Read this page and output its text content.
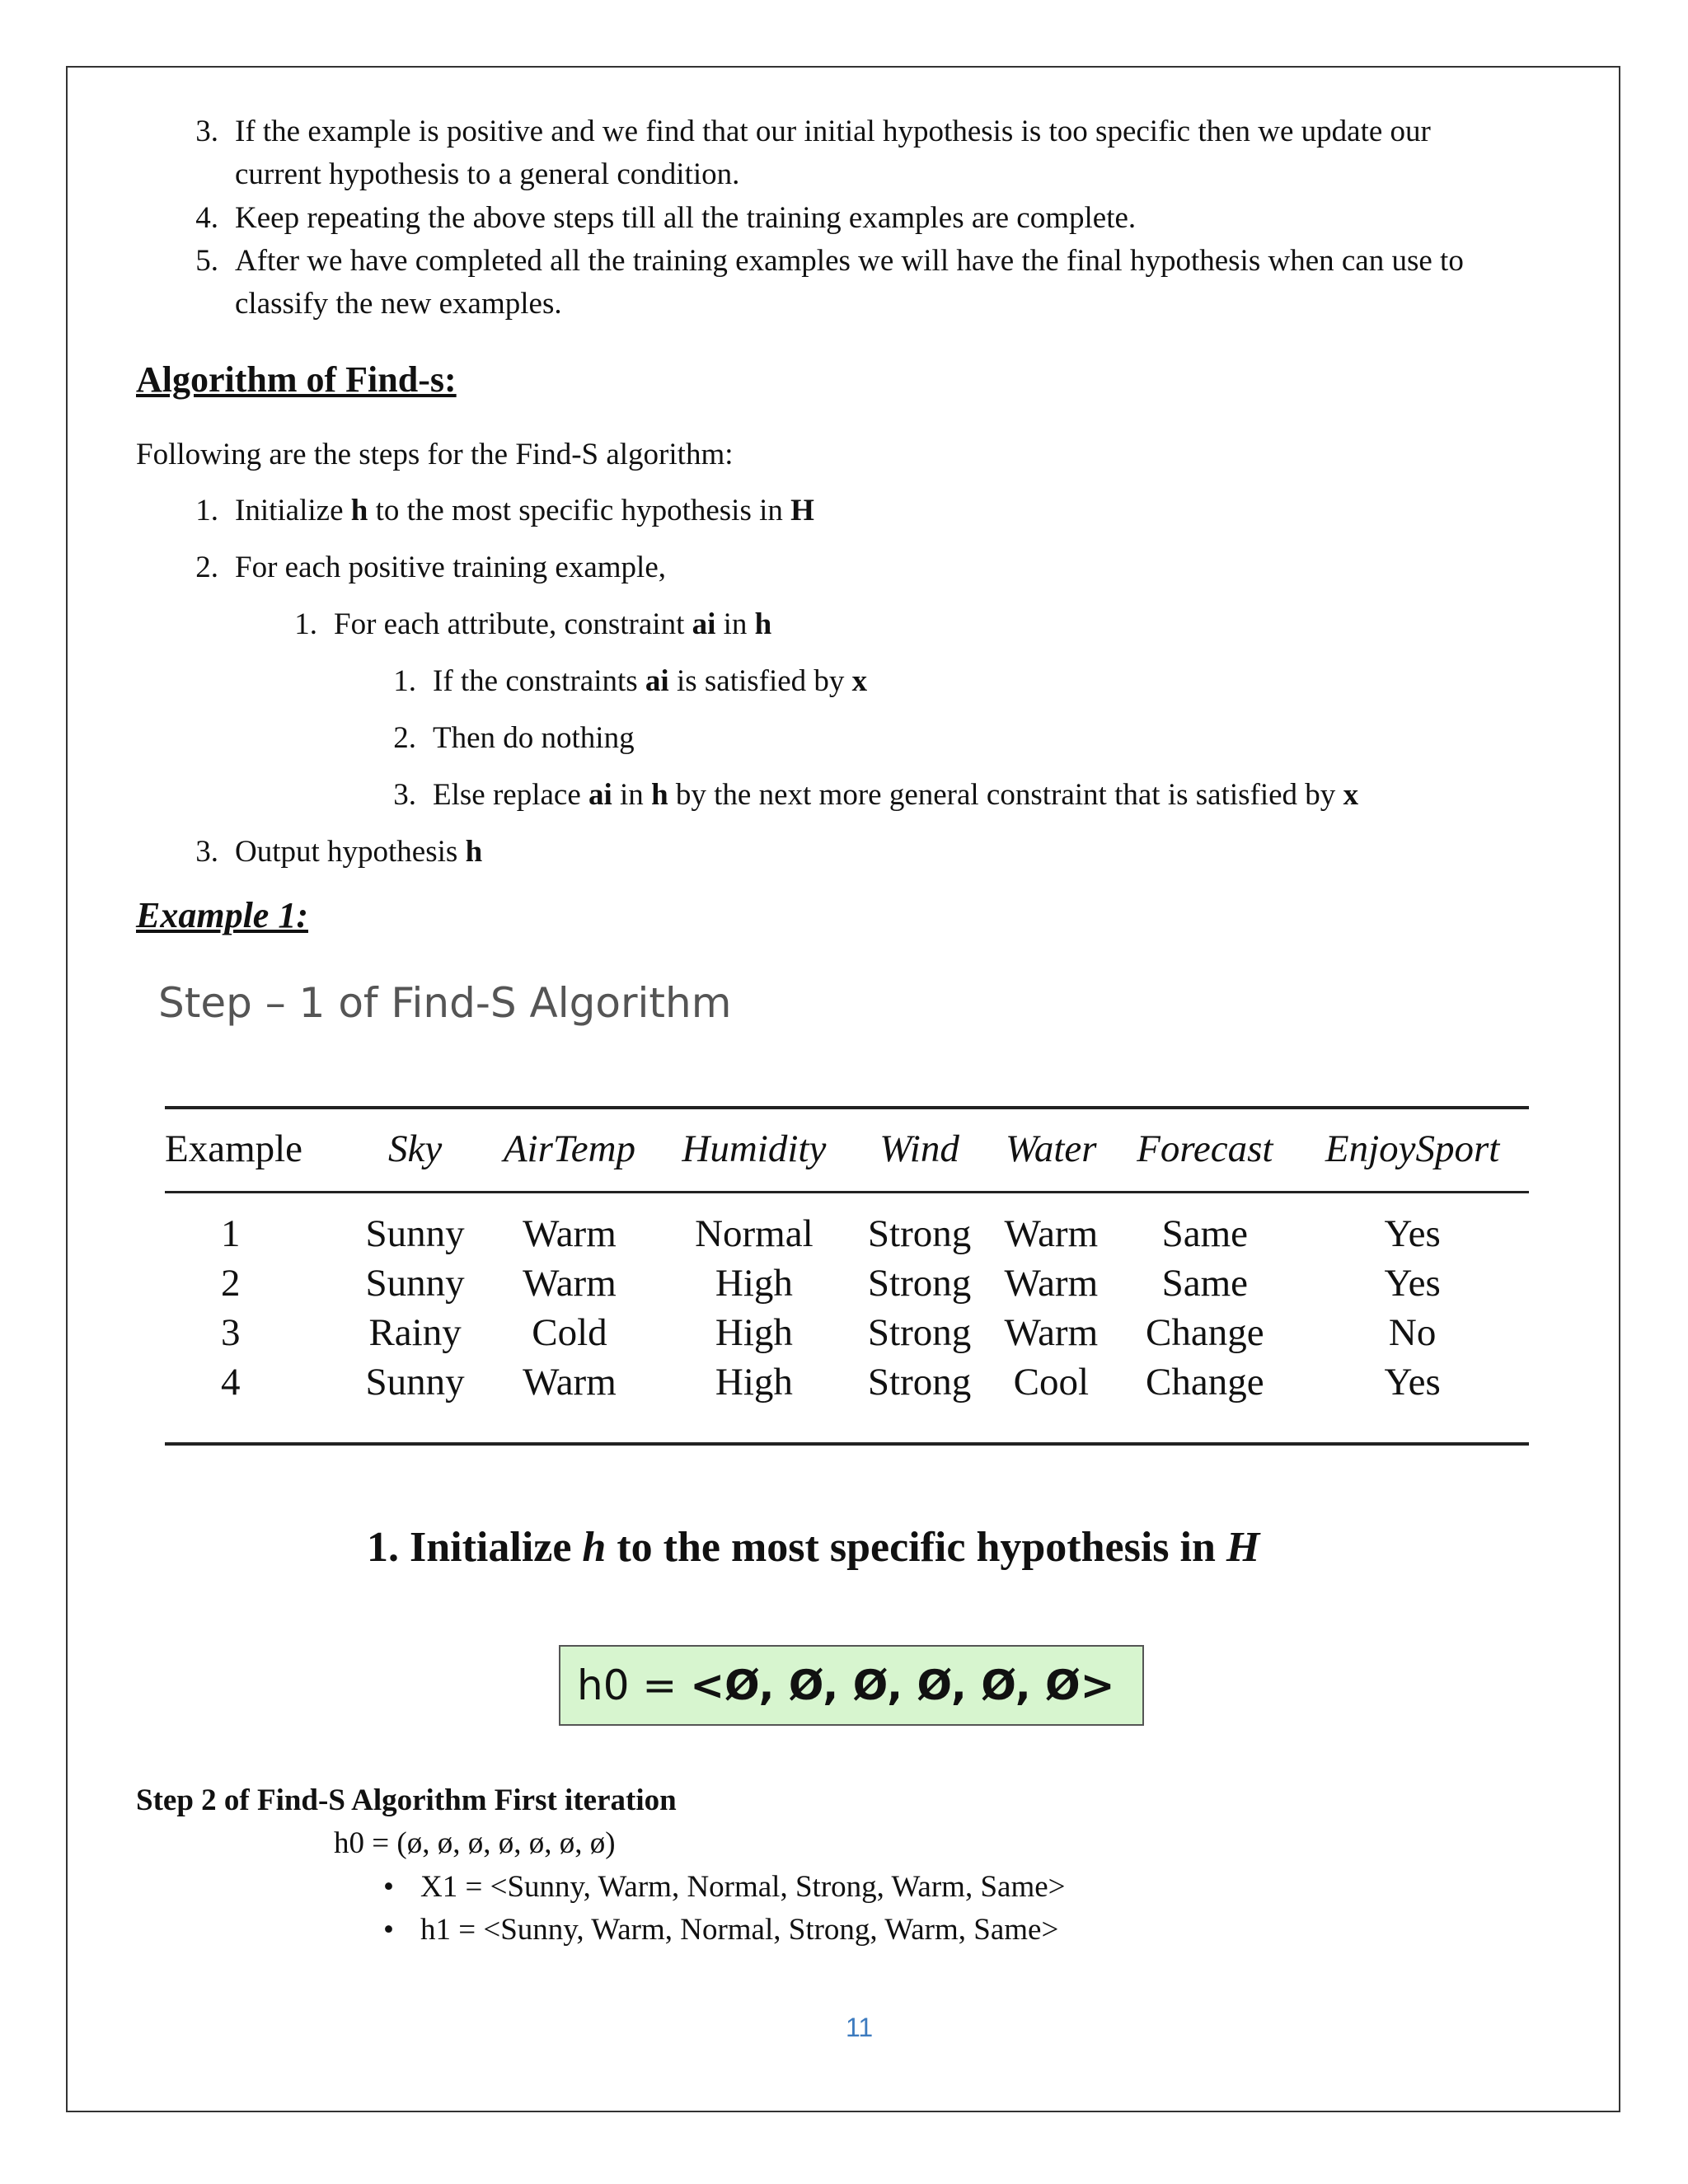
3. If the example is positive and we find that our initial hypothesis is too specific then we update our
current hypothesis to a general condition.
4. Keep repeating the above steps till all the training examples are complete.
5. After we have completed all the training examples we will have the final hypothesis when can use to
classify the new examples.
Algorithm of Find-s:
Following are the steps for the Find-S algorithm:
1. Initialize h to the most specific hypothesis in H
2. For each positive training example,
1. For each attribute, constraint ai in h
1. If the constraints ai is satisfied by x
2. Then do nothing
3. Else replace ai in h by the next more general constraint that is satisfied by x
3. Output hypothesis h
Example 1:
Step – 1 of Find-S Algorithm
Example	Sky	AirTemp	Humidity	Wind	Water	Forecast	EnjoySport

1	Sunny	Warm	Normal	Strong	Warm	Same	Yes
2	Sunny	Warm	High	Strong	Warm	Same	Yes
3	Rainy	Cold	High	Strong	Warm	Change	No
4	Sunny	Warm	High	Strong	Cool	Change	Yes
1. Initialize h to the most specific hypothesis in H
h0 = <Ø, Ø, Ø, Ø, Ø, Ø>
Step 2 of Find-S Algorithm First iteration
h0 = (ø, ø, ø, ø, ø, ø, ø)
• X1 = <Sunny, Warm, Normal, Strong, Warm, Same>
• h1 = <Sunny, Warm, Normal, Strong, Warm, Same>
11
